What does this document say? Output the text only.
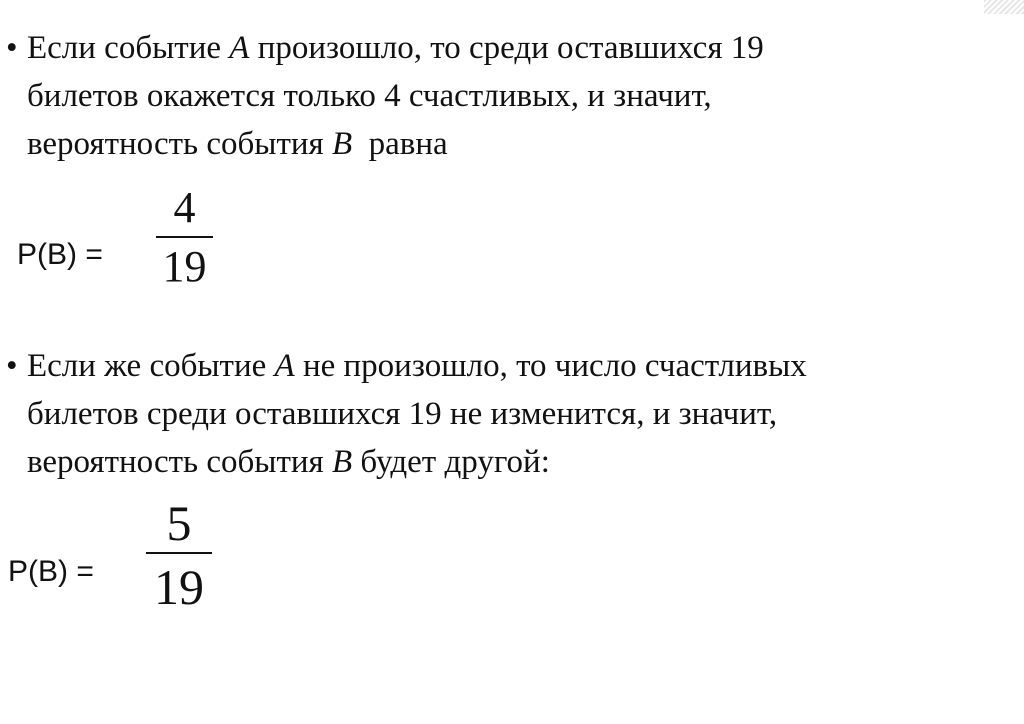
• Если событие A произошло, то среди оставшихся 19
билетов окажется только 4 счастливых, и значит,
вероятность события B  равна
P(B) =
4
19
• Если же событие A не произошло, то число счастливых
билетов среди оставшихся 19 не изменится, и значит,
вероятность события B будет другой:
P(B) =
5
19
